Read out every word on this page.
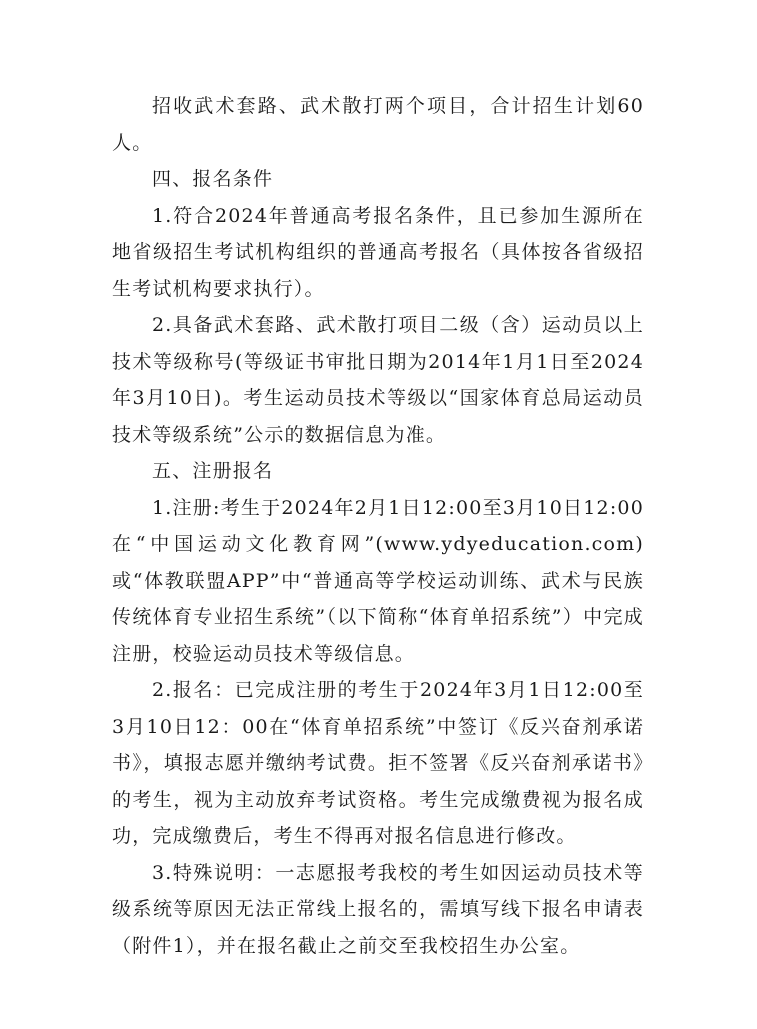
招收武术套路、武术散打两个项目，合计招生计划60人。

四、报名条件

1.符合2024年普通高考报名条件，且已参加生源所在地省级招生考试机构组织的普通高考报名（具体按各省级招生考试机构要求执行）。

2.具备武术套路、武术散打项目二级（含）运动员以上技术等级称号(等级证书审批日期为2014年1月1日至2024年3月10日)。考生运动员技术等级以“国家体育总局运动员技术等级系统”公示的数据信息为准。

五、注册报名

1.注册:考生于2024年2月1日12:00至3月10日12:00在“中国运动文化教育网”(www.ydyeducation.com)或“体教联盟APP”中“普通高等学校运动训练、武术与民族传统体育专业招生系统”（以下简称“体育单招系统”）中完成注册，校验运动员技术等级信息。

2.报名：已完成注册的考生于2024年3月1日12:00至3月10日12：00在“体育单招系统”中签订《反兴奋剂承诺书》，填报志愿并缴纳考试费。拒不签署《反兴奋剂承诺书》的考生，视为主动放弃考试资格。考生完成缴费视为报名成功，完成缴费后，考生不得再对报名信息进行修改。

3.特殊说明：一志愿报考我校的考生如因运动员技术等级系统等原因无法正常线上报名的，需填写线下报名申请表（附件1），并在报名截止之前交至我校招生办公室。
